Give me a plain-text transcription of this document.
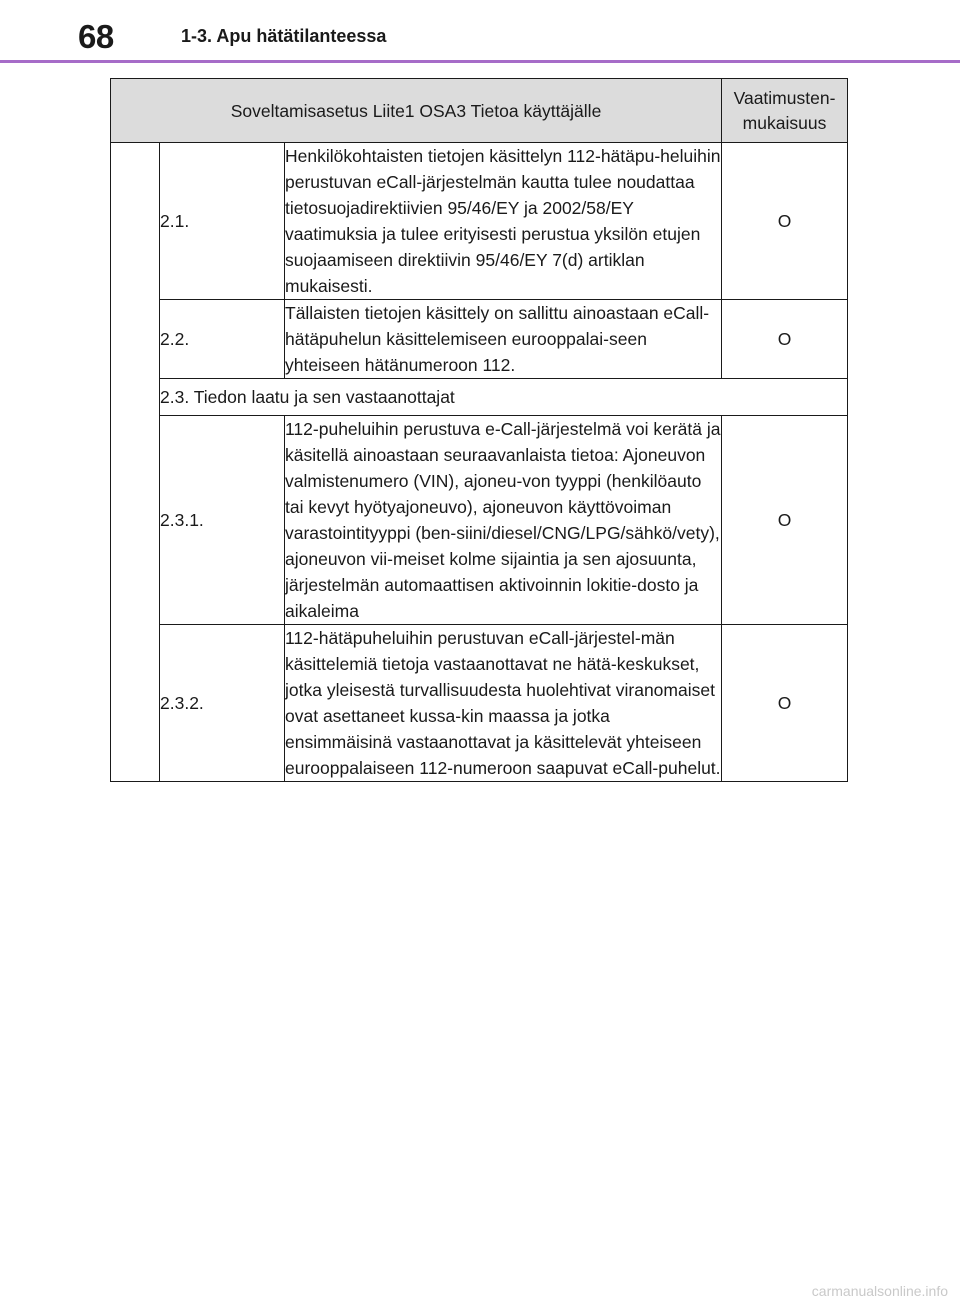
68	1-3. Apu hätätilanteessa
Soveltamisasetus Liite1 OSA3 Tietoa käyttäjälle			Vaatimusten-
mukaisuus
	2.1.	Henkilökohtaisten tietojen käsittelyn 112-hätäpu-heluihin perustuvan eCall-järjestelmän kautta tulee noudattaa tietosuojadirektiivien 95/46/EY ja 2002/58/EY vaatimuksia ja tulee erityisesti perustua yksilön etujen suojaamiseen direktiivin 95/46/EY 7(d) artiklan mukaisesti.	O
	2.2.	Tällaisten tietojen käsittely on sallittu ainoastaan eCall-hätäpuhelun käsittelemiseen eurooppalai-seen yhteiseen hätänumeroon 112.	O
	2.3. Tiedon laatu ja sen vastaanottajat		
	2.3.1.	112-puheluihin perustuva e-Call-järjestelmä voi kerätä ja käsitellä ainoastaan seuraavanlaista tietoa: Ajoneuvon valmistenumero (VIN), ajoneu-von tyyppi (henkilöauto tai kevyt hyötyajoneuvo), ajoneuvon käyttövoiman varastointityyppi (ben-siini/diesel/CNG/LPG/sähkö/vety), ajoneuvon vii-meiset kolme sijaintia ja sen ajosuunta, järjestelmän automaattisen aktivoinnin lokitie-dosto ja aikaleima	O
	2.3.2.	112-hätäpuheluihin perustuvan eCall-järjestel-män käsittelemiä tietoja vastaanottavat ne hätä-keskukset, jotka yleisestä turvallisuudesta huolehtivat viranomaiset ovat asettaneet kussa-kin maassa ja jotka ensimmäisinä vastaanottavat ja käsittelevät yhteiseen eurooppalaiseen 112-numeroon saapuvat eCall-puhelut.	O
carmanualsonline.info
